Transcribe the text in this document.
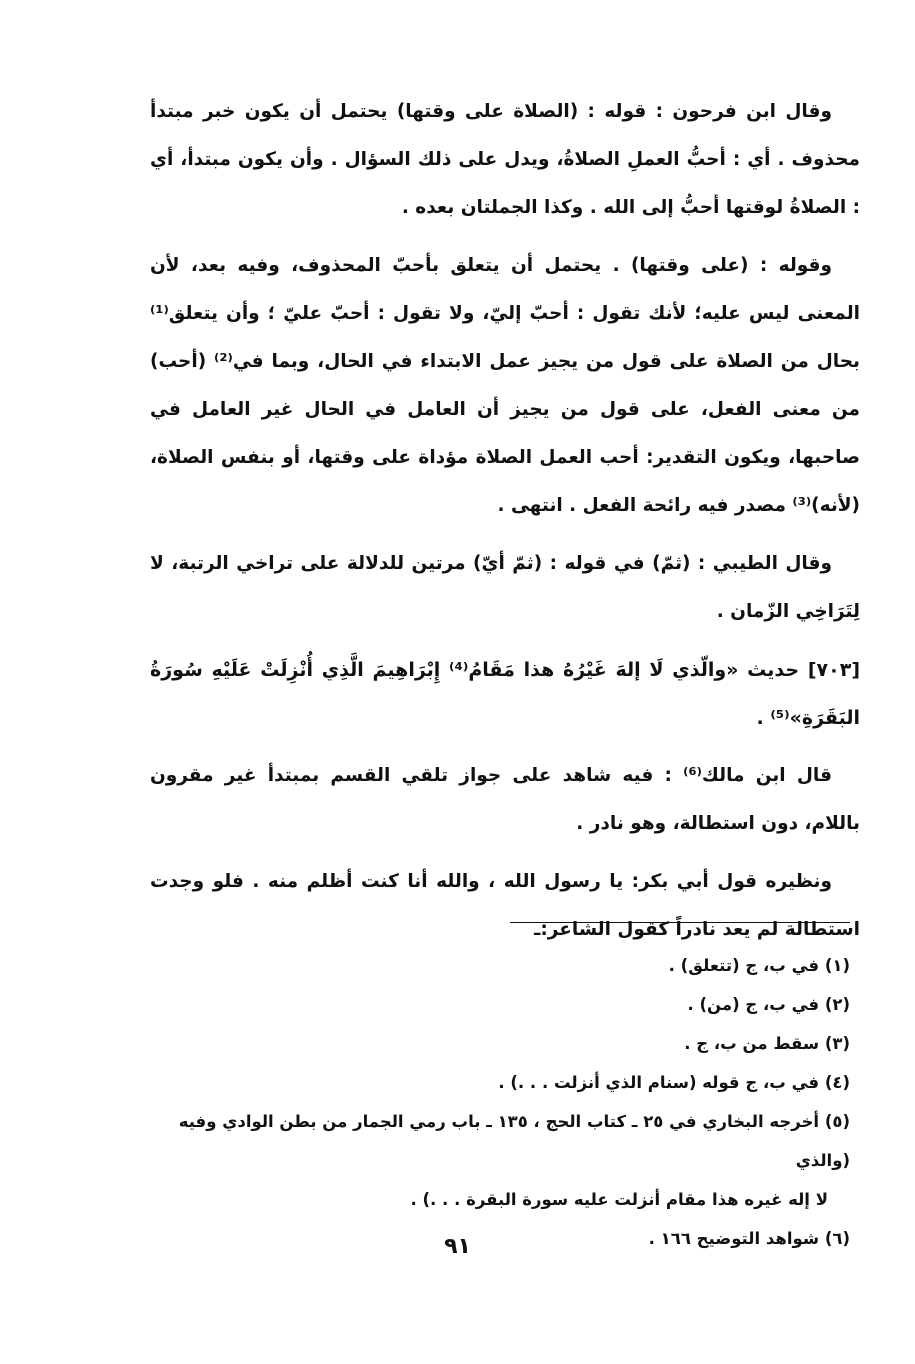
وقال ابن فرحون : قوله : (الصلاة على وقتها) يحتمل أن يكون خبر مبتدأ محذوف . أي : أحبُّ العملِ الصلاةُ، ويدل على ذلك السؤال . وأن يكون مبتدأ، أي : الصلاةُ لوقتها أحبُّ إلى الله . وكذا الجملتان بعده .

وقوله : (على وقتها) . يحتمل أن يتعلق بأحبّ المحذوف، وفيه بعد، لأن المعنى ليس عليه؛ لأنك تقول : أحبّ إليّ، ولا تقول : أحبّ عليّ ؛ وأن يتعلق⁽¹⁾ بحال من الصلاة على قول من يجيز عمل الابتداء في الحال، وبما في⁽²⁾ (أحب) من معنى الفعل، على قول من يجيز أن العامل في الحال غير العامل في صاحبها، ويكون التقدير: أحب العمل الصلاة مؤداة على وقتها، أو بنفس الصلاة، (لأنه)⁽³⁾ مصدر فيه رائحة الفعل . انتهى .

وقال الطيبي : (ثمّ) في قوله : (ثمّ أيّ) مرتين للدلالة على تراخي الرتبة، لا لِتَرَاخِي الزّمان .

[٧٠٣] حديث «والّذي لَا إلهَ غَيْرُهُ هذا مَقَامُ⁽⁴⁾ إِبْرَاهِيمَ الَّذِي أُنْزِلَتْ عَلَيْهِ سُورَةُ البَقَرَةِ»⁽⁵⁾ .

قال ابن مالك⁽⁶⁾ : فيه شاهد على جواز تلقي القسم بمبتدأ غير مقرون باللام، دون استطالة، وهو نادر .

ونظيره قول أبي بكر: يا رسول الله ، والله أنا كنت أظلم منه . فلو وجدت استطالة لم يعد نادراً كقول الشاعر:ـ

(١) في ب، ج (تتعلق) .

(٢) في ب، ج (من) .

(٣) سقط من ب، ج .

(٤) في ب، ج قوله (سنام الذي أنزلت . . .) .

(٥) أخرجه البخاري في ٢٥ ـ كتاب الحج ، ١٣٥ ـ باب رمي الجمار من بطن الوادي وفيه (والذي

لا إله غيره هذا مقام أنزلت عليه سورة البقرة . . .) .

(٦) شواهد التوضيح ١٦٦ .

٩١
